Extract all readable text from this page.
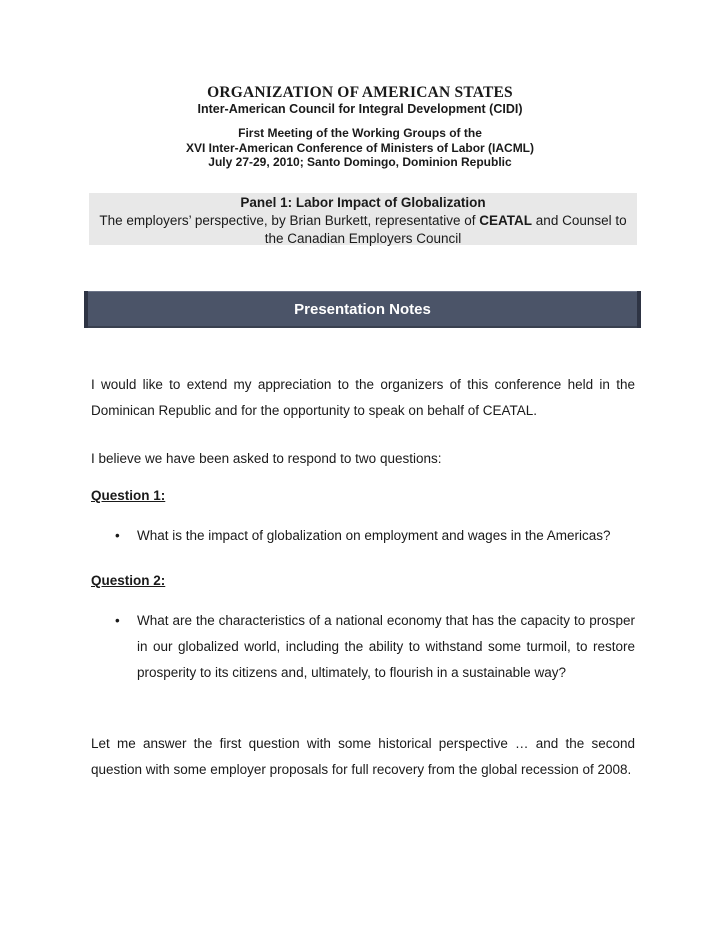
ORGANIZATION OF AMERICAN STATES
Inter-American Council for Integral Development (CIDI)
First Meeting of the Working Groups of the
XVI Inter-American Conference of Ministers of Labor (IACML)
July 27-29, 2010; Santo Domingo, Dominion Republic
Panel 1: Labor Impact of Globalization
The employers’ perspective, by Brian Burkett, representative of CEATAL and Counsel to the Canadian Employers Council
Presentation Notes

I would like to extend my appreciation to the organizers of this conference held in the Dominican Republic and for the opportunity to speak on behalf of CEATAL.

I believe we have been asked to respond to two questions:

Question 1:
• What is the impact of globalization on employment and wages in the Americas?
Question 2:
• What are the characteristics of a national economy that has the capacity to prosper in our globalized world, including the ability to withstand some turmoil, to restore prosperity to its citizens and, ultimately, to flourish in a sustainable way?

Let me answer the first question with some historical perspective … and the second question with some employer proposals for full recovery from the global recession of 2008.
